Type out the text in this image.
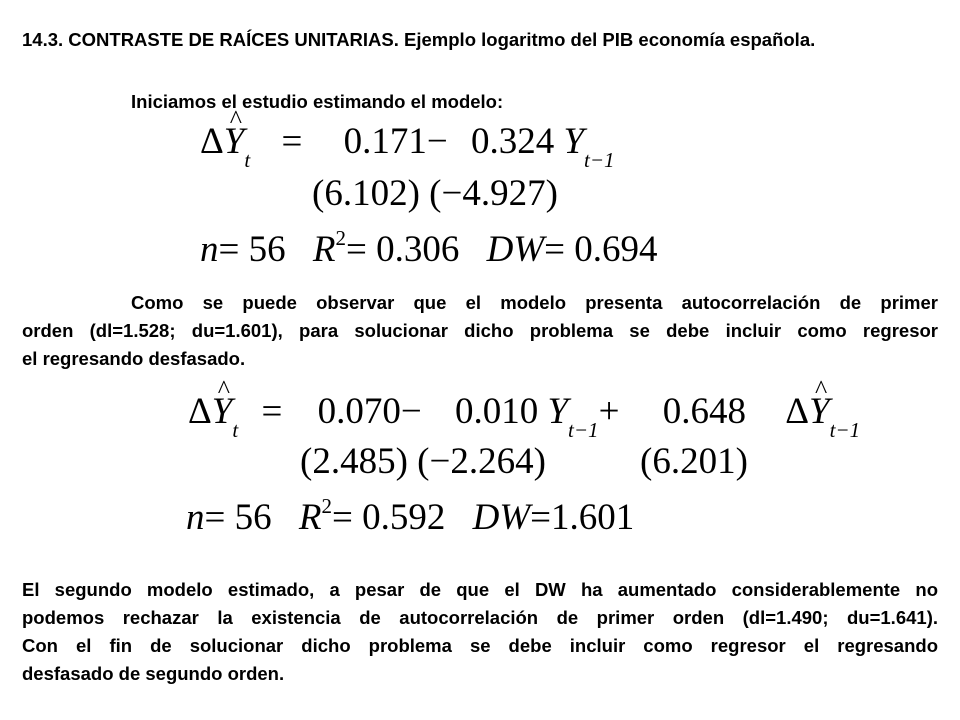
14.3. CONTRASTE DE RAÍCES UNITARIAS. Ejemplo logaritmo del PIB economía española.
Iniciamos el estudio estimando el modelo:
Δ^ $Y_t = 0.171- 0.324$ $Y_{t-1}$
(6.102) (−4.927)
n= 56 $R^2= 0.306$ DW= 0.694
Como se puede observar que el modelo presenta autocorrelación de primer
orden (dl=1.528; du=1.601), para solucionar dicho problema se debe incluir como regresor
el regresando desfasado.
Δ^ $Y_t = 0.070- 0.010$ $Y_{t-1}+ 0.648$ Δ^ $Y_{t-1}$
(2.485) (−2.264)	(6.201)
n= 56 $R^2= 0.592$ DW=1.601
El segundo modelo estimado, a pesar de que el DW ha aumentado considerablemente no
podemos rechazar la existencia de autocorrelación de primer orden (dl=1.490; du=1.641).
Con el fin de solucionar dicho problema se debe incluir como regresor el regresando
desfasado de segundo orden.
